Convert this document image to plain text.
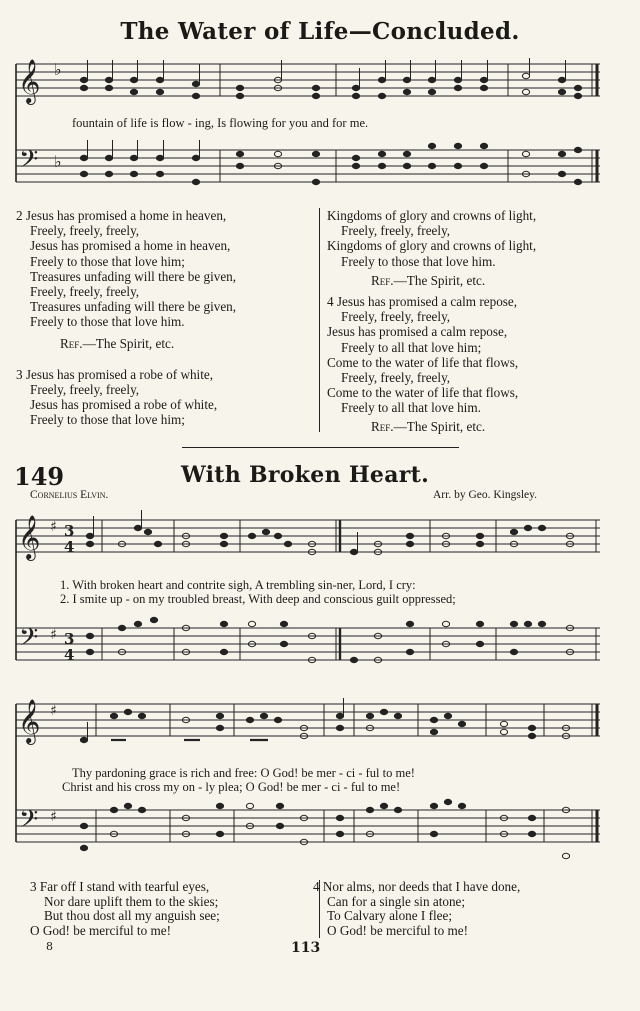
The Water of Life—Concluded.
𝄞
𝄢
♭
♭
fountain of life is flow - ing, Is flowing for you and for me.
2 Jesus has promised a home in heaven,
Freely, freely, freely,
Jesus has promised a home in heaven,
Freely to those that love him;
Treasures unfading will there be given,
Freely, freely, freely,
Treasures unfading will there be given,
Freely to those that love him.
Ref.—The Spirit, etc.
3 Jesus has promised a robe of white,
Freely, freely, freely,
Jesus has promised a robe of white,
Freely to those that love him;
Kingdoms of glory and crowns of light,
Freely, freely, freely,
Kingdoms of glory and crowns of light,
Freely to those that love him.
Ref.—The Spirit, etc.
4 Jesus has promised a calm repose,
Freely, freely, freely,
Jesus has promised a calm repose,
Freely to all that love him;
Come to the water of life that flows,
Freely, freely, freely,
Come to the water of life that flows,
Freely to all that love him.
Ref.—The Spirit, etc.
149	With Broken Heart.
Cornelius Elvin.	Arr. by Geo. Kingsley.
𝄞
𝄢
♯
♯
3
4
3
4
1. With broken heart and contrite sigh, A trembling sin-ner, Lord, I cry:
2. I smite up - on my troubled breast, With deep and conscious guilt oppressed;
𝄞
𝄢
♯
♯
Thy pardoning grace is rich and free: O God! be mer - ci - ful to me!
Christ and his cross my on - ly plea; O God! be mer - ci - ful to me!
3 Far off I stand with tearful eyes,
Nor dare uplift them to the skies;
But thou dost all my anguish see;
O God! be merciful to me!
4 Nor alms, nor deeds that I have done,
Can for a single sin atone;
To Calvary alone I flee;
O God! be merciful to me!
8	113
